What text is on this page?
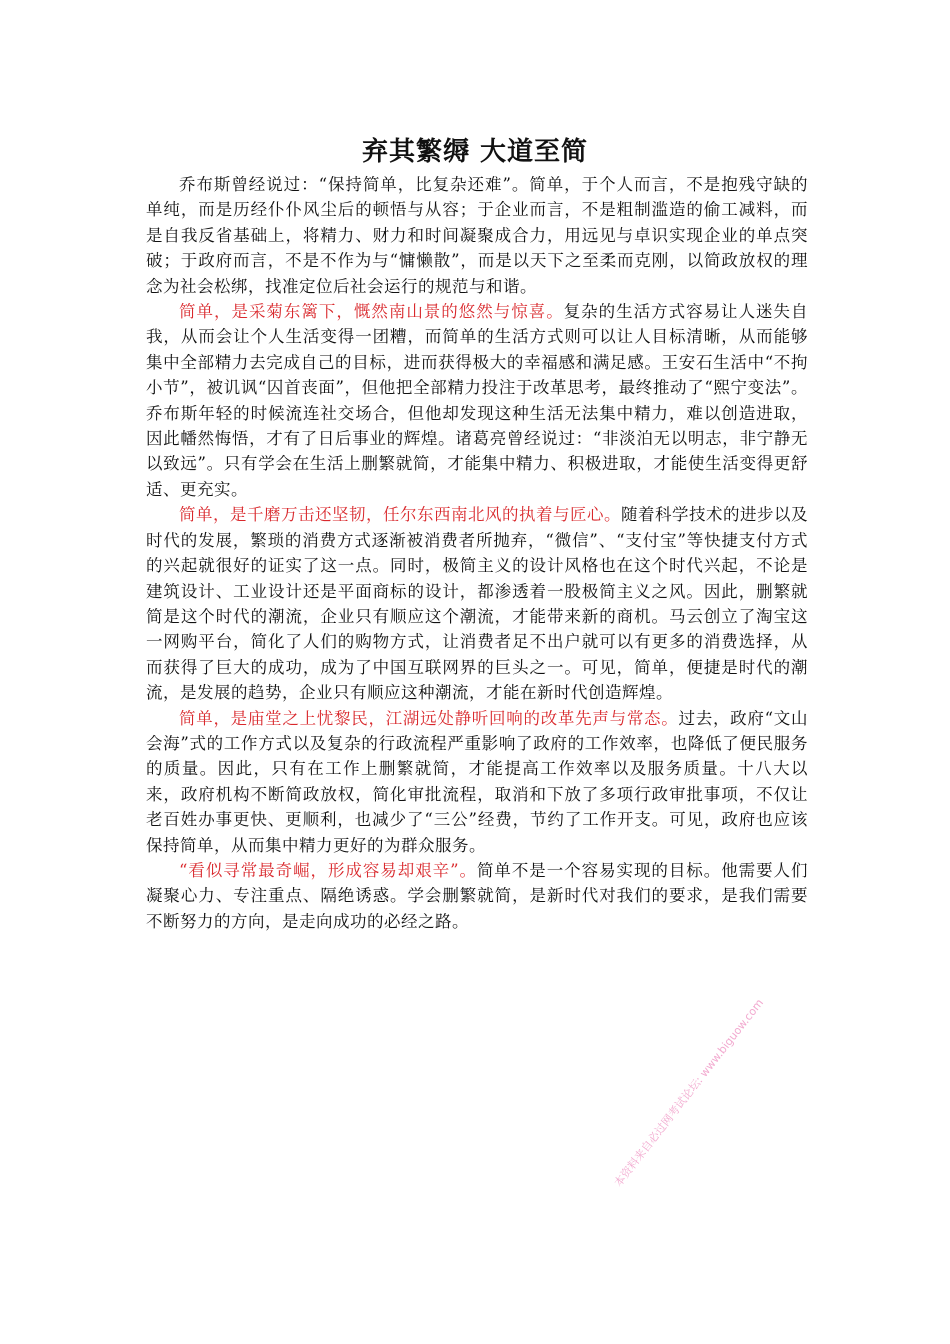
弃其繁缛 大道至简

乔布斯曾经说过：“保持简单，比复杂还难”。简单，于个人而言，不是抱残守缺的单纯，而是历经仆仆风尘后的顿悟与从容；于企业而言，不是粗制滥造的偷工减料，而是自我反省基础上，将精力、财力和时间凝聚成合力，用远见与卓识实现企业的单点突破；于政府而言，不是不作为与“慵懒散”，而是以天下之至柔而克刚，以简政放权的理念为社会松绑，找准定位后社会运行的规范与和谐。

简单，是采菊东篱下，慨然南山景的悠然与惊喜。复杂的生活方式容易让人迷失自我，从而会让个人生活变得一团糟，而简单的生活方式则可以让人目标清晰，从而能够集中全部精力去完成自己的目标，进而获得极大的幸福感和满足感。王安石生活中“不拘小节”，被讥讽“囚首丧面”，但他把全部精力投注于改革思考，最终推动了“熙宁变法”。乔布斯年轻的时候流连社交场合，但他却发现这种生活无法集中精力，难以创造进取，因此幡然悔悟，才有了日后事业的辉煌。诸葛亮曾经说过：“非淡泊无以明志，非宁静无以致远”。只有学会在生活上删繁就简，才能集中精力、积极进取，才能使生活变得更舒适、更充实。

简单，是千磨万击还坚韧，任尔东西南北风的执着与匠心。随着科学技术的进步以及时代的发展，繁琐的消费方式逐渐被消费者所抛弃，“微信”、“支付宝”等快捷支付方式的兴起就很好的证实了这一点。同时，极简主义的设计风格也在这个时代兴起，不论是建筑设计、工业设计还是平面商标的设计，都渗透着一股极简主义之风。因此，删繁就简是这个时代的潮流，企业只有顺应这个潮流，才能带来新的商机。马云创立了淘宝这一网购平台，简化了人们的购物方式，让消费者足不出户就可以有更多的消费选择，从而获得了巨大的成功，成为了中国互联网界的巨头之一。可见，简单，便捷是时代的潮流，是发展的趋势，企业只有顺应这种潮流，才能在新时代创造辉煌。

简单，是庙堂之上忧黎民，江湖远处静听回响的改革先声与常态。过去，政府“文山会海”式的工作方式以及复杂的行政流程严重影响了政府的工作效率，也降低了便民服务的质量。因此，只有在工作上删繁就简，才能提高工作效率以及服务质量。十八大以来，政府机构不断简政放权，简化审批流程，取消和下放了多项行政审批事项，不仅让老百姓办事更快、更顺利，也减少了“三公”经费，节约了工作开支。可见，政府也应该保持简单，从而集中精力更好的为群众服务。

“看似寻常最奇崛，形成容易却艰辛”。简单不是一个容易实现的目标。他需要人们凝聚心力、专注重点、隔绝诱惑。学会删繁就简，是新时代对我们的要求，是我们需要不断努力的方向，是走向成功的必经之路。

本资料来自必过网考试论坛: www.biguow.com
